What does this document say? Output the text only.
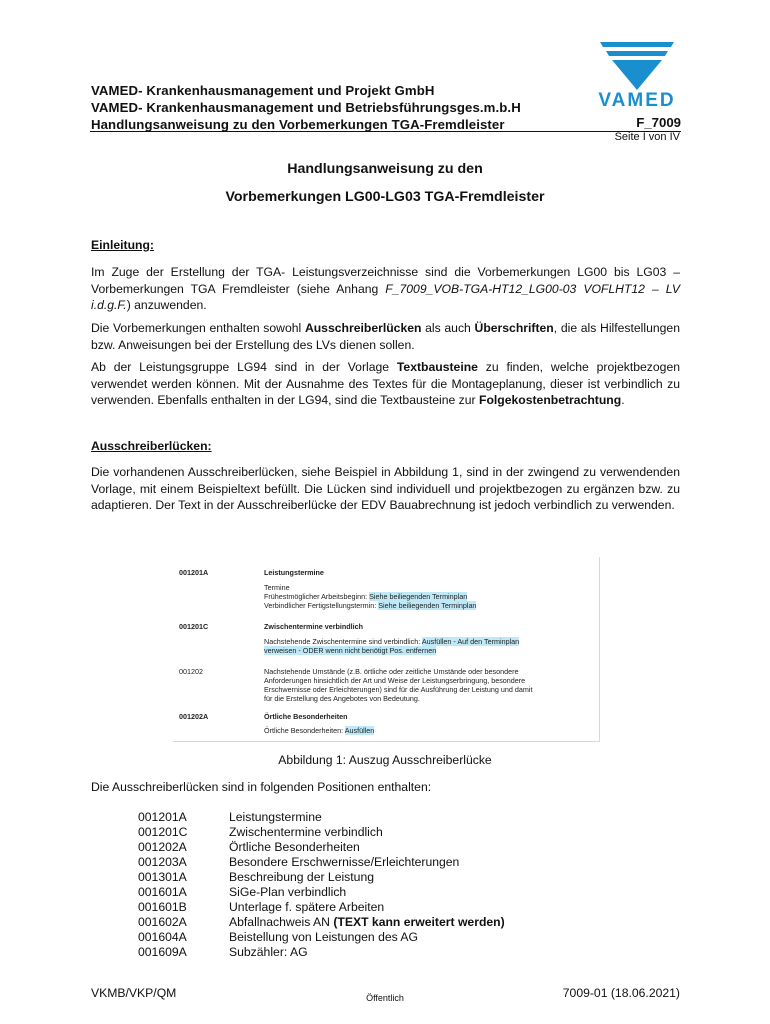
VAMED- Krankenhausmanagement und Projekt GmbH
VAMED- Krankenhausmanagement und Betriebsführungsges.m.b.H
Handlungsanweisung zu den Vorbemerkungen TGA-Fremdleister	F_7009
Seite I von IV
VAMED
Handlungsanweisung zu den
Vorbemerkungen LG00-LG03 TGA-Fremdleister
Einleitung:
Im Zuge der Erstellung der TGA- Leistungsverzeichnisse sind die Vorbemerkungen LG00 bis LG03 – Vorbemerkungen TGA Fremdleister (siehe Anhang F_7009_VOB-TGA-HT12_LG00-03 VOFLHT12 – LV i.d.g.F.) anzuwenden.
Die Vorbemerkungen enthalten sowohl Ausschreiberlücken als auch Überschriften, die als Hilfestellungen bzw. Anweisungen bei der Erstellung des LVs dienen sollen.
Ab der Leistungsgruppe LG94 sind in der Vorlage Textbausteine zu finden, welche projektbezogen verwendet werden können. Mit der Ausnahme des Textes für die Montageplanung, dieser ist verbindlich zu verwenden. Ebenfalls enthalten in der LG94, sind die Textbausteine zur Folgekostenbetrachtung.
Ausschreiberlücken:
Die vorhandenen Ausschreiberlücken, siehe Beispiel in Abbildung 1, sind in der zwingend zu verwendenden Vorlage, mit einem Beispieltext befüllt. Die Lücken sind individuell und projektbezogen zu ergänzen bzw. zu adaptieren. Der Text in der Ausschreiberlücke der EDV Bauabrechnung ist jedoch verbindlich zu verwenden.
001201A	Leistungstermine
Termine
Frühestmöglicher Arbeitsbeginn: Siehe beiliegenden Terminplan
Verbindlicher Fertigstellungstermin: Siehe beiliegenden Terminplan
001201C	Zwischentermine verbindlich
Nachstehende Zwischentermine sind verbindlich: Ausfüllen - Auf den Terminplan
verweisen - ODER wenn nicht benötigt Pos. entfernen
001202	Nachstehende Umstände (z.B. örtliche oder zeitliche Umstände oder besondere
Anforderungen hinsichtlich der Art und Weise der Leistungserbringung, besondere
Erschwernisse oder Erleichterungen) sind für die Ausführung der Leistung und damit
für die Erstellung des Angebotes von Bedeutung.
001202A	Örtliche Besonderheiten
Örtliche Besonderheiten: Ausfüllen
Abbildung 1: Auszug Ausschreiberlücke
Die Ausschreiberlücken sind in folgenden Positionen enthalten:
001201A	Leistungstermine
001201C	Zwischentermine verbindlich
001202A	Örtliche Besonderheiten
001203A	Besondere Erschwernisse/Erleichterungen
001301A	Beschreibung der Leistung
001601A	SiGe-Plan verbindlich
001601B	Unterlage f. spätere Arbeiten
001602A	Abfallnachweis AN (TEXT kann erweitert werden)
001604A	Beistellung von Leistungen des AG
001609A	Subzähler: AG
VKMB/VKP/QM	Öffentlich	7009-01 (18.06.2021)
